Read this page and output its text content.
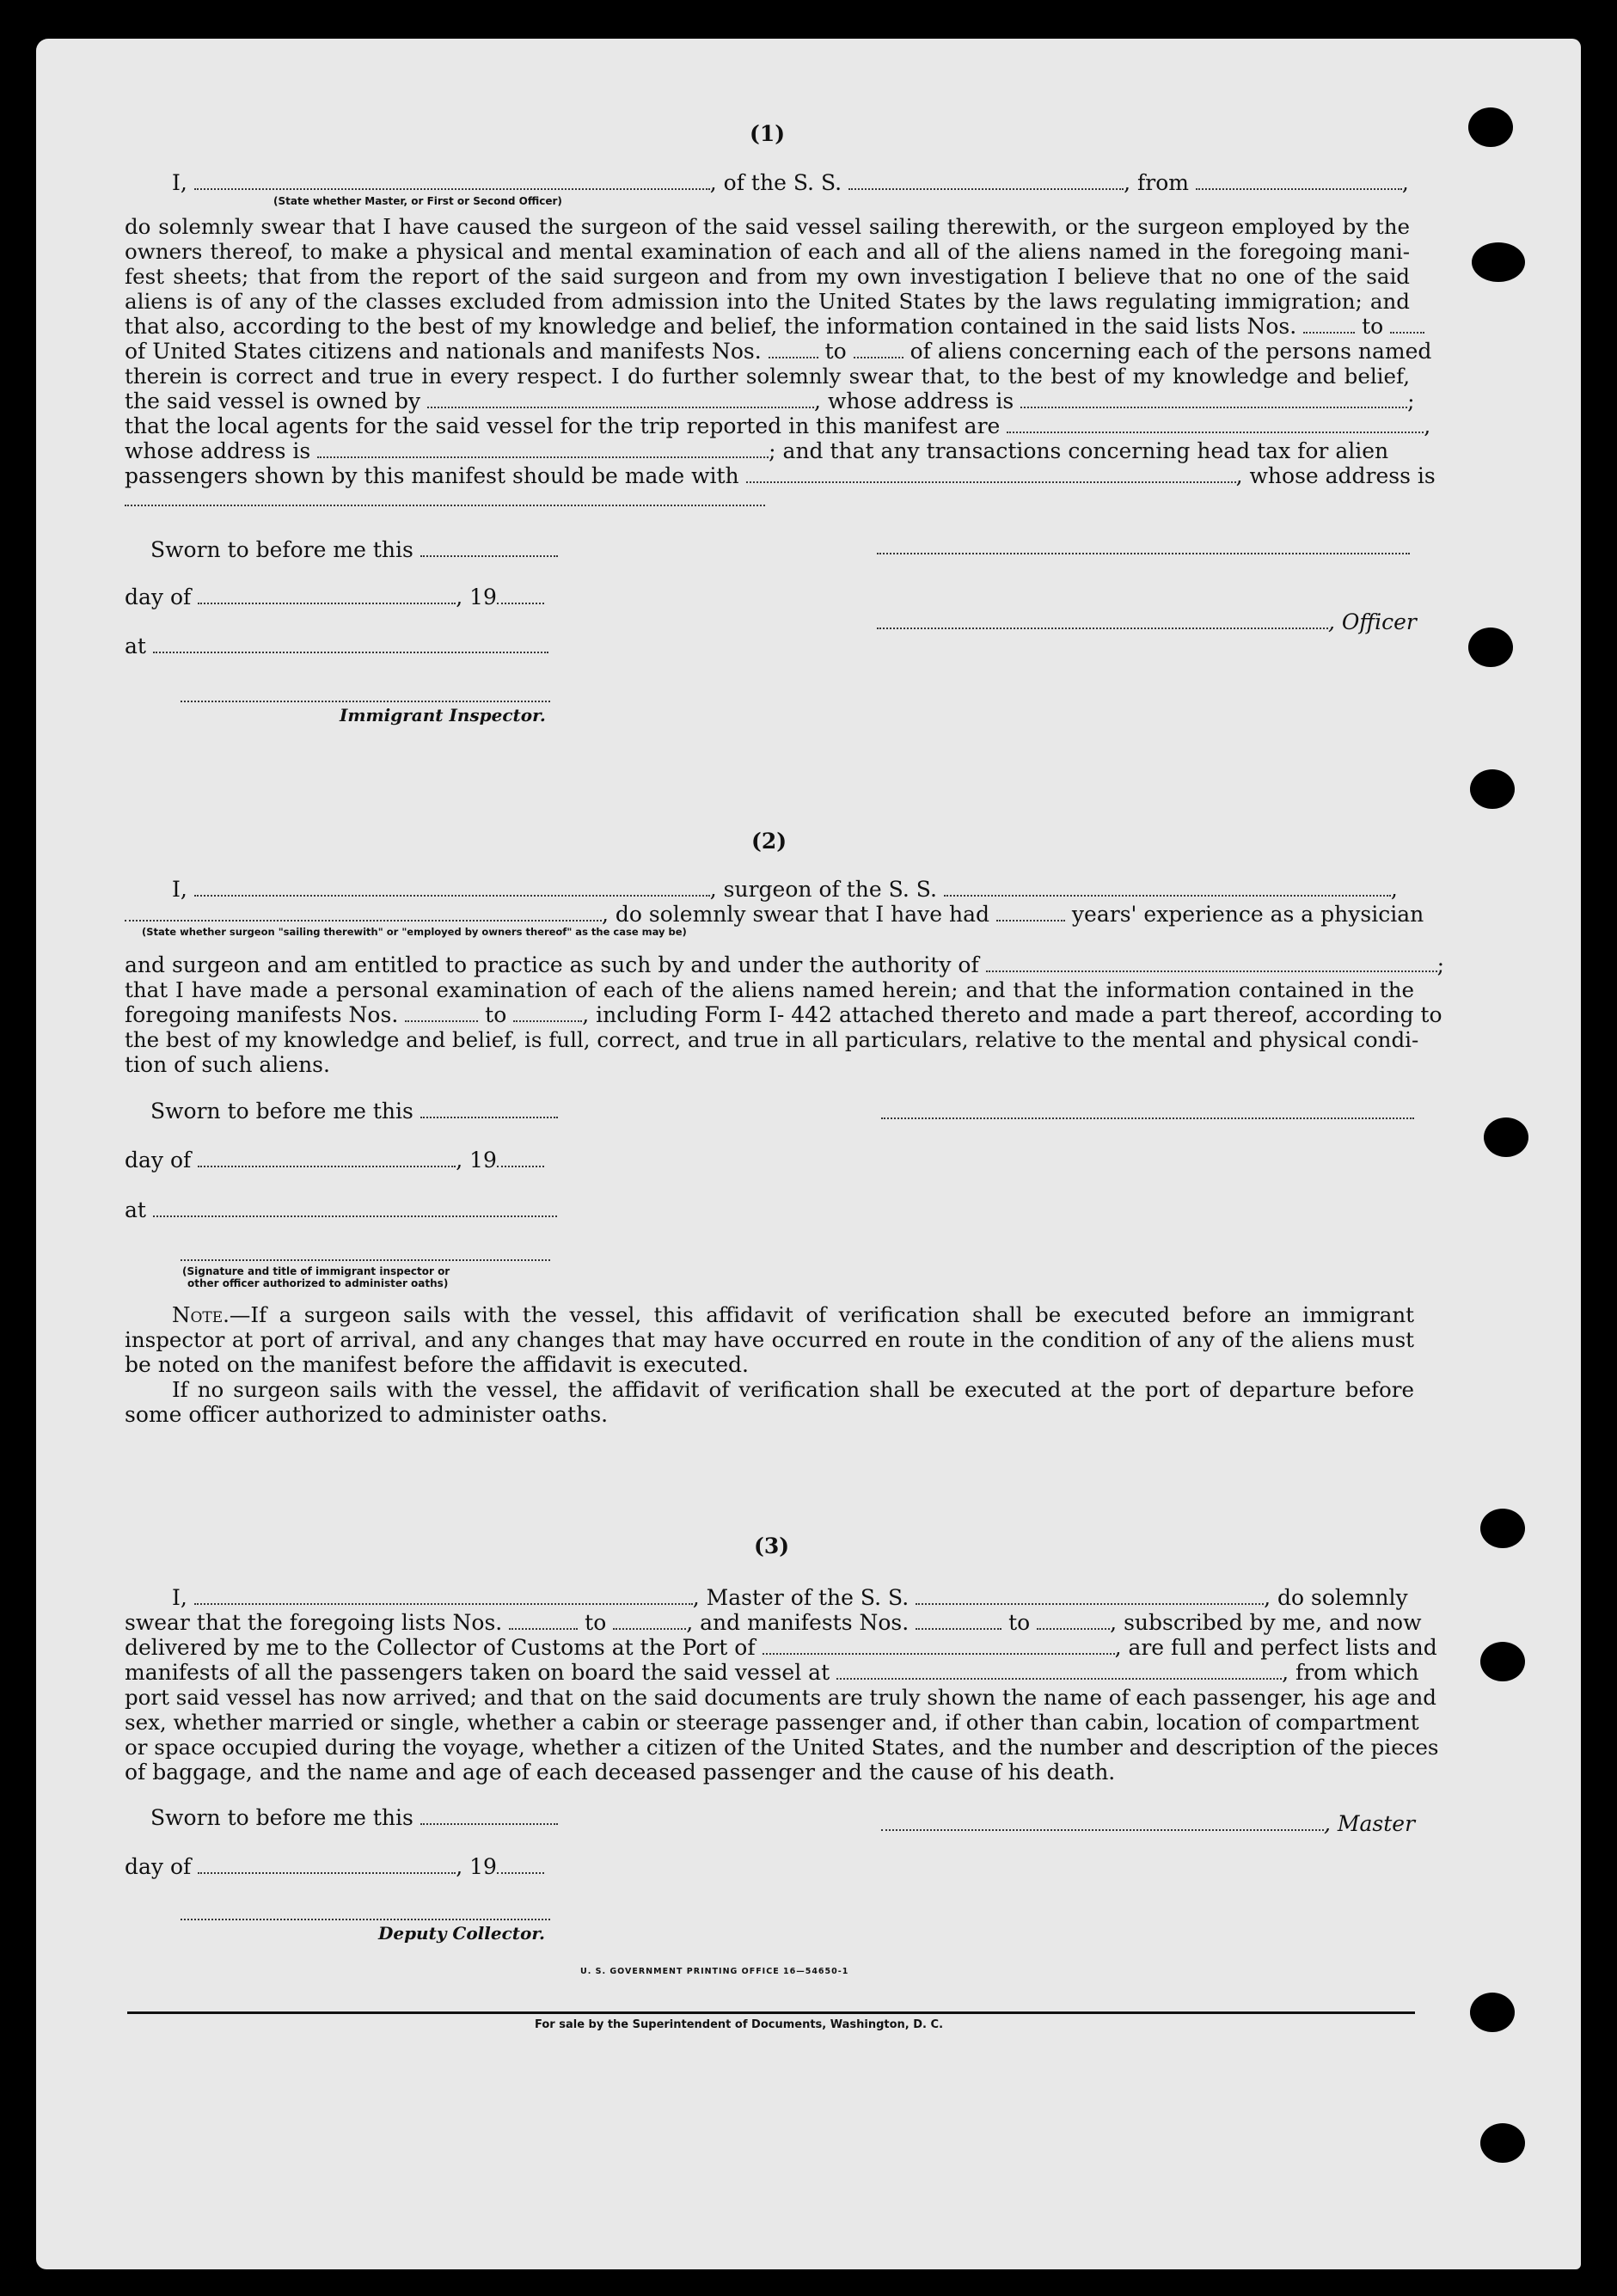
(1)
I,	, of the S. S.	, from	,
(State whether Master, or First or Second Officer)
do solemnly swear that I have caused the surgeon of the said vessel sailing therewith, or the surgeon employed by the
owners thereof, to make a physical and mental examination of each and all of the aliens named in the foregoing mani-
fest sheets; that from the report of the said surgeon and from my own investigation I believe that no one of the said
aliens is of any of the classes excluded from admission into the United States by the laws regulating immigration; and
that also, according to the best of my knowledge and belief, the information contained in the said lists Nos.	to
of United States citizens and nationals and manifests Nos.	to	of aliens concerning each of the persons named
therein is correct and true in every respect. I do further solemnly swear that, to the best of my knowledge and belief,
the said vessel is owned by	, whose address is	;
that the local agents for the said vessel for the trip reported in this manifest are	,
whose address is	; and that any transactions concerning head tax for alien
passengers shown by this manifest should be made with	, whose address is
Sworn to before me this
day of	, 19
, Officer
at
Immigrant Inspector.
(2)
I,	, surgeon of the S. S.	,
, do solemnly swear that I have had	years' experience as a physician
(State whether surgeon "sailing therewith" or "employed by owners thereof" as the case may be)
and surgeon and am entitled to practice as such by and under the authority of	;
that I have made a personal examination of each of the aliens named herein; and that the information contained in the
foregoing manifests Nos.	to	, including Form I- 442 attached thereto and made a part thereof, according to
the best of my knowledge and belief, is full, correct, and true in all particulars, relative to the mental and physical condi-
tion of such aliens.
Sworn to before me this
day of	, 19
at
(Signature and title of immigrant inspector or
other officer authorized to administer oaths)
Note.—If a surgeon sails with the vessel, this affidavit of verification shall be executed before an immigrant
inspector at port of arrival, and any changes that may have occurred en route in the condition of any of the aliens must
be noted on the manifest before the affidavit is executed.
If no surgeon sails with the vessel, the affidavit of verification shall be executed at the port of departure before
some officer authorized to administer oaths.
(3)
I,	, Master of the S. S.	, do solemnly
swear that the foregoing lists Nos.	to	, and manifests Nos.	to	, subscribed by me, and now
delivered by me to the Collector of Customs at the Port of	, are full and perfect lists and
manifests of all the passengers taken on board the said vessel at	, from which
port said vessel has now arrived; and that on the said documents are truly shown the name of each passenger, his age and
sex, whether married or single, whether a cabin or steerage passenger and, if other than cabin, location of compartment
or space occupied during the voyage, whether a citizen of the United States, and the number and description of the pieces
of baggage, and the name and age of each deceased passenger and the cause of his death.
Sworn to before me this	, Master
day of	, 19
Deputy Collector.
U. S. GOVERNMENT PRINTING OFFICE 16—54650-1
For sale by the Superintendent of Documents, Washington, D. C.
